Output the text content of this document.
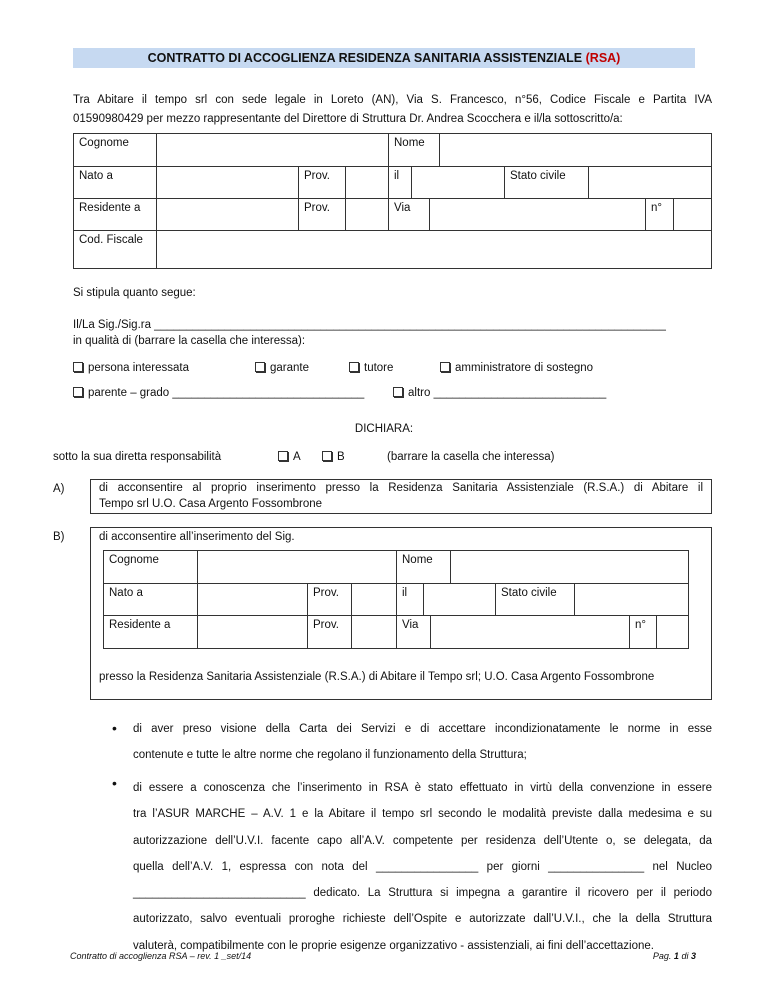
CONTRATTO DI ACCOGLIENZA RESIDENZA SANITARIA ASSISTENZIALE (RSA)
Tra Abitare il tempo srl con sede legale in Loreto (AN), Via S. Francesco, n°56, Codice Fiscale e Partita IVA
01590980429 per mezzo rappresentante del Direttore di Struttura Dr. Andrea Scocchera e il/la sottoscritto/a:
Cognome	Nome
Nato a	Prov.	il	Stato civile
Residente a	Prov.	Via	n°
Cod. Fiscale
Si stipula quanto segue:
Il/La Sig./Sig.ra ________________________________________________________________________________
in qualità di (barrare la casella che interessa):
persona interessata	garante	tutore	amministratore di sostegno
parente – grado ______________________________	altro ___________________________
DICHIARA:
sotto la sua diretta responsabilità	A	B	(barrare la casella che interessa)
A)	di acconsentire al proprio inserimento presso la Residenza Sanitaria Assistenziale (R.S.A.) di Abitare il
Tempo srl U.O. Casa Argento Fossombrone
B)	di acconsentire all’inserimento del Sig.
Cognome	Nome
Nato a	Prov.	il	Stato civile
Residente a	Prov.	Via	n°
presso la Residenza Sanitaria Assistenziale (R.S.A.) di Abitare il Tempo srl; U.O. Casa Argento Fossombrone
• di aver preso visione della Carta dei Servizi e di accettare incondizionatamente le norme in esse
contenute e tutte le altre norme che regolano il funzionamento della Struttura;
• di essere a conoscenza che l’inserimento in RSA è stato effettuato in virtù della convenzione in essere
tra l’ASUR MARCHE – A.V. 1 e la Abitare il tempo srl secondo le modalità previste dalla medesima e su
autorizzazione dell’U.V.I. facente capo all’A.V. competente per residenza dell’Utente o, se delegata, da
quella dell’A.V. 1, espressa con nota del ________________ per giorni _______________ nel Nucleo
___________________________ dedicato. La Struttura si impegna a garantire il ricovero per il periodo
autorizzato, salvo eventuali proroghe richieste dell’Ospite e autorizzate dall’U.V.I., che la della Struttura
valuterà, compatibilmente con le proprie esigenze organizzativo - assistenziali, ai fini dell’accettazione.
Contratto di accoglienza RSA – rev. 1 _set/14	Pag. 1 di 3
